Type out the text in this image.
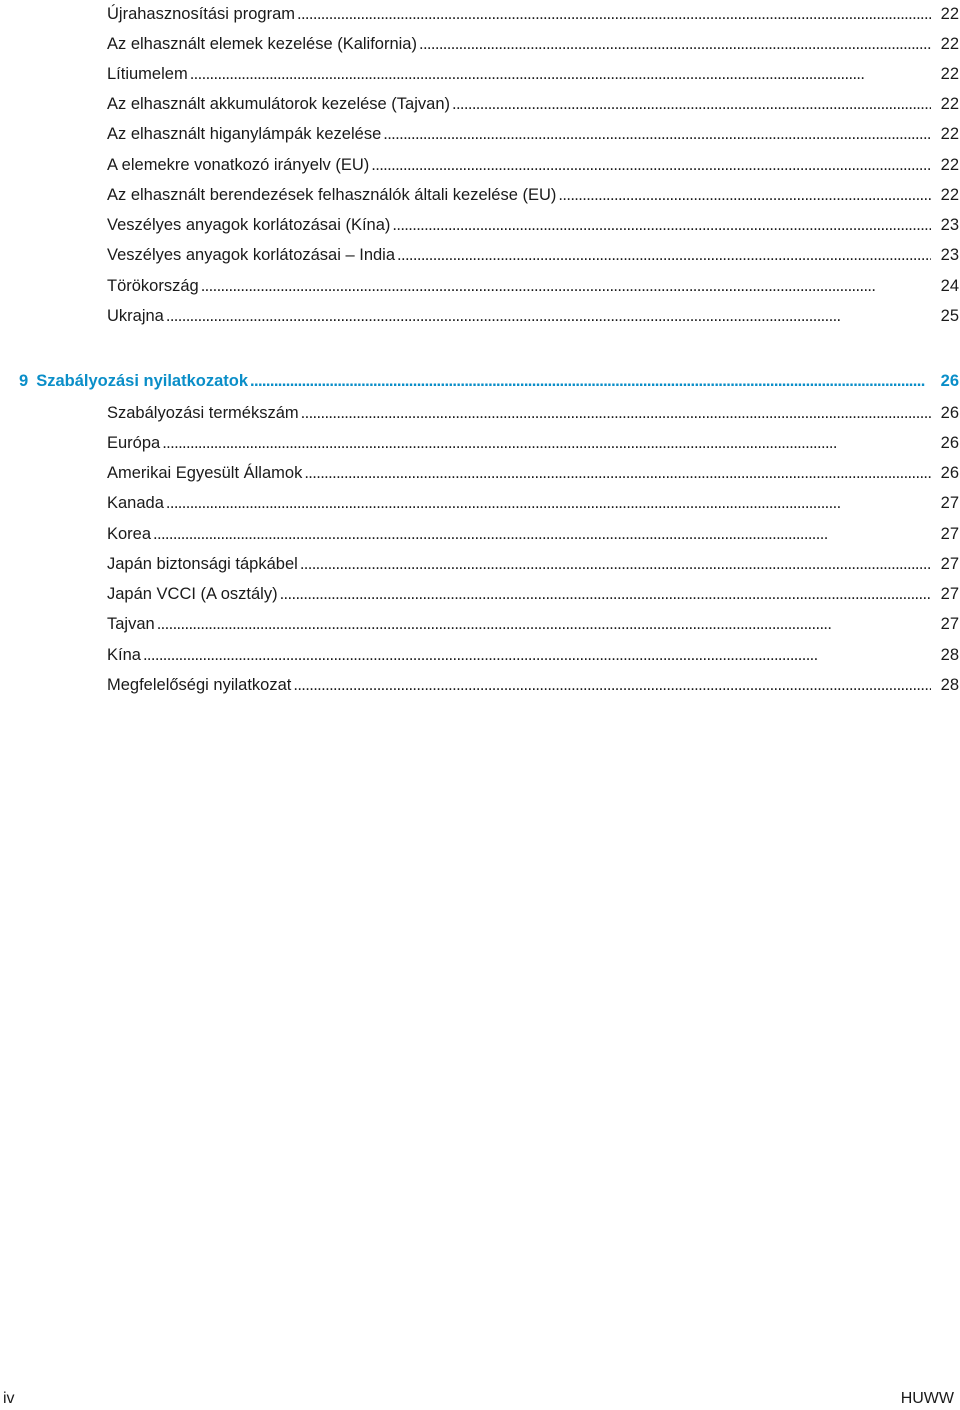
Újrahasznosítási program . . .	22
Az elhasznált elemek kezelése (Kalifornia) . . .	22
Lítiumelem . . .	22
Az elhasznált akkumulátorok kezelése (Tajvan) . . .	22
Az elhasznált higanylámpák kezelése . . .	22
A elemekre vonatkozó irányelv (EU) . . .	22
Az elhasznált berendezések felhasználók általi kezelése (EU) . . .	22
Veszélyes anyagok korlátozásai (Kína) . . .	23
Veszélyes anyagok korlátozásai – India . . .	23
Törökország . . .	24
Ukrajna . . .	25
9 Szabályozási nyilatkozatok . . .	26
Szabályozási termékszám . . .	26
Európa . . .	26
Amerikai Egyesült Államok . . .	26
Kanada . . .	27
Korea . . .	27
Japán biztonsági tápkábel . . .	27
Japán VCCI (A osztály) . . .	27
Tajvan . . .	27
Kína . . .	28
Megfelelőségi nyilatkozat . . .	28
iv	HUWW
